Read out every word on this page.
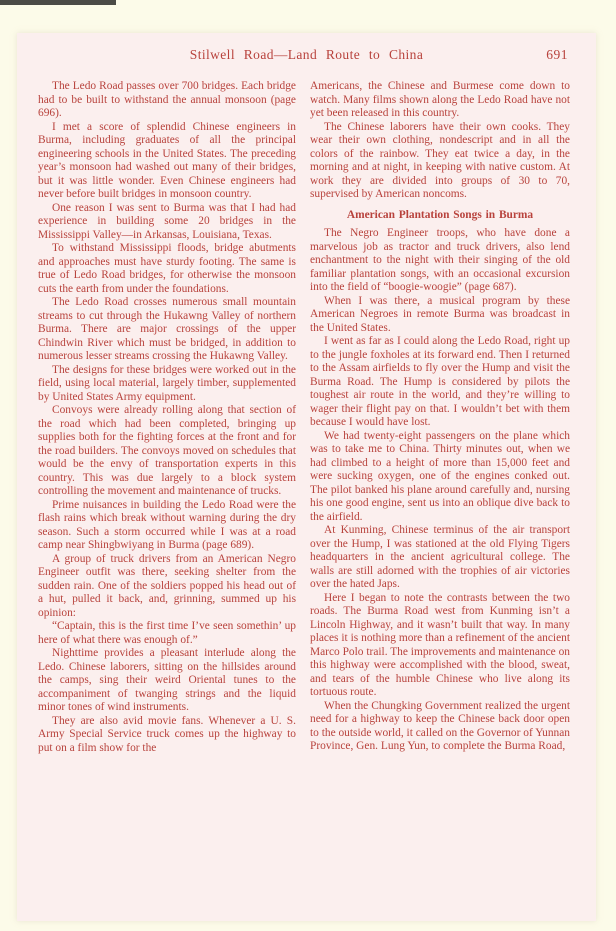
Stilwell Road—Land Route to China	691

The Ledo Road passes over 700 bridges. Each bridge had to be built to withstand the annual monsoon (page 696).

I met a score of splendid Chinese engineers in Burma, including graduates of all the principal engineering schools in the United States. The preceding year’s monsoon had washed out many of their bridges, but it was little wonder. Even Chinese engineers had never before built bridges in monsoon country.

One reason I was sent to Burma was that I had had experience in building some 20 bridges in the Mississippi Valley—in Arkansas, Louisiana, Texas.

To withstand Mississippi floods, bridge abutments and approaches must have sturdy footing. The same is true of Ledo Road bridges, for otherwise the monsoon cuts the earth from under the foundations.

The Ledo Road crosses numerous small mountain streams to cut through the Hukawng Valley of northern Burma. There are major crossings of the upper Chindwin River which must be bridged, in addition to numerous lesser streams crossing the Hukawng Valley.

The designs for these bridges were worked out in the field, using local material, largely timber, supplemented by United States Army equipment.

Convoys were already rolling along that section of the road which had been completed, bringing up supplies both for the fighting forces at the front and for the road builders. The convoys moved on schedules that would be the envy of transportation experts in this country. This was due largely to a block system controlling the movement and maintenance of trucks.

Prime nuisances in building the Ledo Road were the flash rains which break without warning during the dry season. Such a storm occurred while I was at a road camp near Shingbwiyang in Burma (page 689).

A group of truck drivers from an American Negro Engineer outfit was there, seeking shelter from the sudden rain. One of the soldiers popped his head out of a hut, pulled it back, and, grinning, summed up his opinion:

“Captain, this is the first time I’ve seen somethin’ up here of what there was enough of.”

Nighttime provides a pleasant interlude along the Ledo. Chinese laborers, sitting on the hillsides around the camps, sing their weird Oriental tunes to the accompaniment of twanging strings and the liquid minor tones of wind instruments.

They are also avid movie fans. Whenever a U. S. Army Special Service truck comes up the highway to put on a film show for the

Americans, the Chinese and Burmese come down to watch. Many films shown along the Ledo Road have not yet been released in this country.

The Chinese laborers have their own cooks. They wear their own clothing, nondescript and in all the colors of the rainbow. They eat twice a day, in the morning and at night, in keeping with native custom. At work they are divided into groups of 30 to 70, supervised by American noncoms.

American Plantation Songs in Burma

The Negro Engineer troops, who have done a marvelous job as tractor and truck drivers, also lend enchantment to the night with their singing of the old familiar plantation songs, with an occasional excursion into the field of “boogie-woogie” (page 687).

When I was there, a musical program by these American Negroes in remote Burma was broadcast in the United States.

I went as far as I could along the Ledo Road, right up to the jungle foxholes at its forward end. Then I returned to the Assam airfields to fly over the Hump and visit the Burma Road. The Hump is considered by pilots the toughest air route in the world, and they’re willing to wager their flight pay on that. I wouldn’t bet with them because I would have lost.

We had twenty-eight passengers on the plane which was to take me to China. Thirty minutes out, when we had climbed to a height of more than 15,000 feet and were sucking oxygen, one of the engines conked out. The pilot banked his plane around carefully and, nursing his one good engine, sent us into an oblique dive back to the airfield.

At Kunming, Chinese terminus of the air transport over the Hump, I was stationed at the old Flying Tigers headquarters in the ancient agricultural college. The walls are still adorned with the trophies of air victories over the hated Japs.

Here I began to note the contrasts between the two roads. The Burma Road west from Kunming isn’t a Lincoln Highway, and it wasn’t built that way. In many places it is nothing more than a refinement of the ancient Marco Polo trail. The improvements and maintenance on this highway were accomplished with the blood, sweat, and tears of the humble Chinese who live along its tortuous route.

When the Chungking Government realized the urgent need for a highway to keep the Chinese back door open to the outside world, it called on the Governor of Yunnan Province, Gen. Lung Yun, to complete the Burma Road,
